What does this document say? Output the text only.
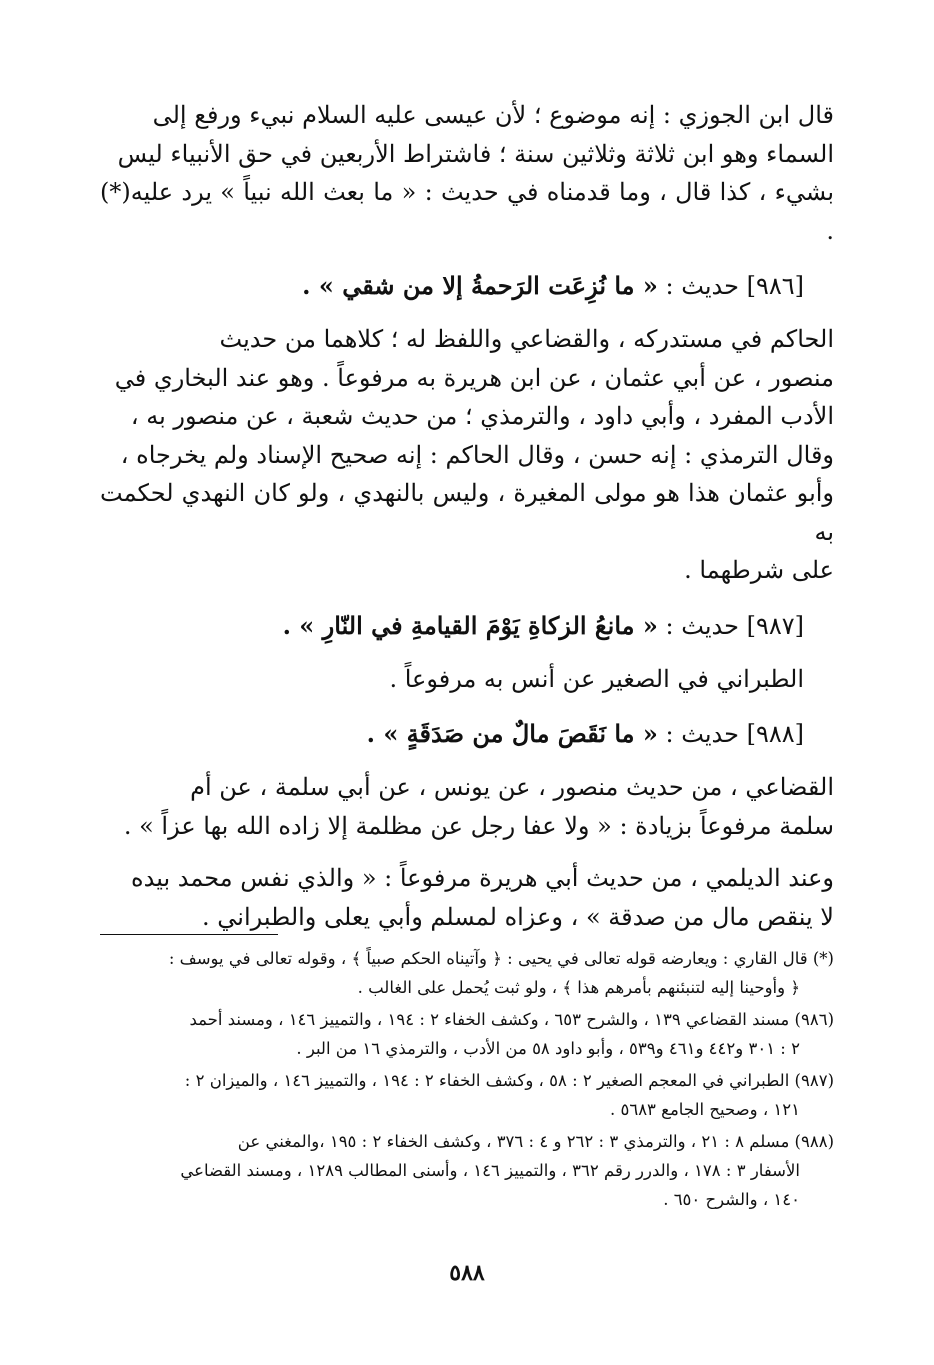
قال ابن الجوزي : إنه موضوع ؛ لأن عيسى عليه السلام نبيء ورفع إلى

السماء وهو ابن ثلاثة وثلاثين سنة ؛ فاشتراط الأربعين في حق الأنبياء ليس

بشيء ، كذا قال ، وما قدمناه في حديث : « ما بعث الله نبياً » يرد عليه(*) .

[٩٨٦] حديث : « ما نُزِعَت الرَحمةُ إلا من شقي » .

الحاكم في مستدركه ، والقضاعي واللفظ له ؛ كلاهما من حديث

منصور ، عن أبي عثمان ، عن ابن هريرة به مرفوعاً . وهو عند البخاري في

الأدب المفرد ، وأبي داود ، والترمذي ؛ من حديث شعبة ، عن منصور به ،

وقال الترمذي : إنه حسن ، وقال الحاكم : إنه صحيح الإسناد ولم يخرجاه ،

وأبو عثمان هذا هو مولى المغيرة ، وليس بالنهدي ، ولو كان النهدي لحكمت به

على شرطهما .

[٩٨٧] حديث : « مانعُ الزكاةِ يَوْمَ القيامةِ في النّارِ » .

الطبراني في الصغير عن أنس به مرفوعاً .

[٩٨٨] حديث : « ما نَقَصَ مالٌ من صَدَقَةٍ » .

القضاعي ، من حديث منصور ، عن يونس ، عن أبي سلمة ، عن أم

سلمة مرفوعاً بزيادة : « ولا عفا رجل عن مظلمة إلا زاده الله بها عزاً » .

وعند الديلمي ، من حديث أبي هريرة مرفوعاً : « والذي نفس محمد بيده

لا ينقص مال من صدقة » ، وعزاه لمسلم وأبي يعلى والطبراني .

(*) قال القاري : ويعارضه قوله تعالى في يحيى : ﴿ وآتيناه الحكم صبياً ﴾ ، وقوله تعالى في يوسف :
﴿ وأوحينا إليه لتنبئنهم بأمرهم هذا ﴾ ، ولو ثبت يُحمل على الغالب .
(٩٨٦) مسند القضاعي ١٣٩ ، والشرح ٦٥٣ ، وكشف الخفاء ٢ : ١٩٤ ، والتمييز ١٤٦ ، ومسند أحمد
٢ : ٣٠١ و٤٤٢ و٤٦١ و٥٣٩ ، وأبو داود ٥٨ من الأدب ، والترمذي ١٦ من البر .
(٩٨٧) الطبراني في المعجم الصغير ٢ : ٥٨ ، وكشف الخفاء ٢ : ١٩٤ ، والتمييز ١٤٦ ، والميزان ٢ :
١٢١ ، وصحيح الجامع ٥٦٨٣ .
(٩٨٨) مسلم ٨ : ٢١ ، والترمذي ٣ : ٢٦٢ و ٤ : ٣٧٦ ، وكشف الخفاء ٢ : ١٩٥ ،والمغني عن
الأسفار ٣ : ١٧٨ ، والدرر رقم ٣٦٢ ، والتمييز ١٤٦ ، وأسنى المطالب ١٢٨٩ ، ومسند القضاعي
١٤٠ ، والشرح ٦٥٠ .
٥٨٨
